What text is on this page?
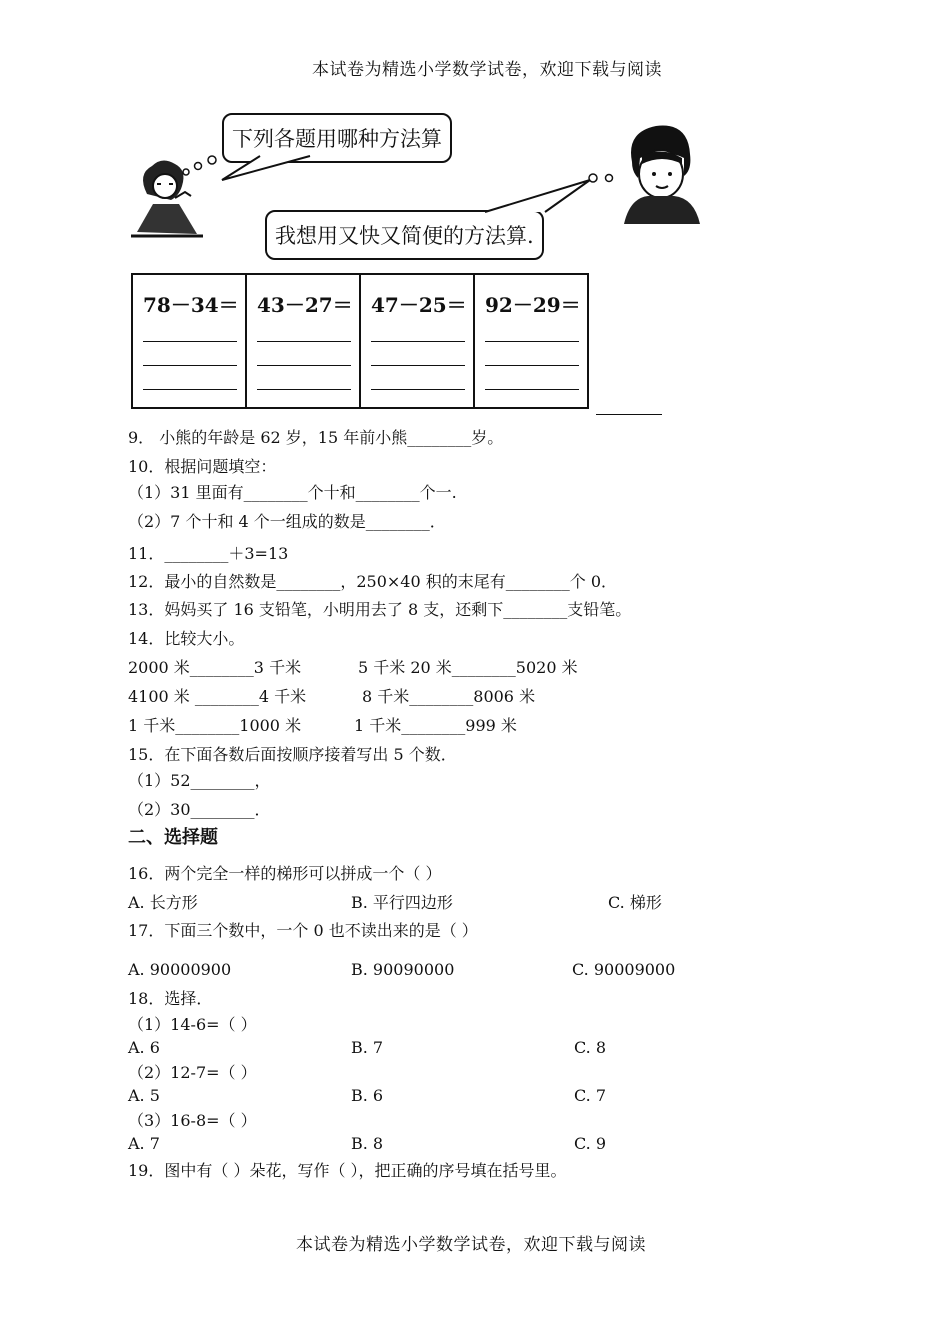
本试卷为精选小学数学试卷，欢迎下载与阅读
下列各题用哪种方法算
我想用又快又简便的方法算.
78－34＝ 43－27＝ 47－25＝ 92－29＝
9． 小熊的年龄是 62 岁，15 年前小熊________岁。
10．根据问题填空：
（1）31 里面有________个十和________个一.
（2）7 个十和 4 个一组成的数是________．
11．________＋3=13
12．最小的自然数是________，250×40 积的末尾有________个 0．
13．妈妈买了 16 支铅笔，小明用去了 8 支，还剩下________支铅笔。
14．比较大小。
2000 米________3 千米	5 千米 20 米________5020 米
4100 米 ________4 千米	8 千米________8006 米
1 千米________1000 米	1 千米________999 米
15．在下面各数后面按顺序接着写出 5 个数．
（1）52________，
（2）30________．
二、选择题
16．两个完全一样的梯形可以拼成一个（ ）
A. 长方形	B. 平行四边形	C. 梯形
17．下面三个数中，一个 0 也不读出来的是（ ）
A. 90000900	B. 90090000	C. 90009000
18．选择．
（1）14-6=（ ）
A. 6	B. 7	C. 8
（2）12-7=（ ）
A. 5	B. 6	C. 7
（3）16-8=（ ）
A. 7	B. 8	C. 9
19．图中有（ ）朵花，写作（ ），把正确的序号填在括号里。
本试卷为精选小学数学试卷，欢迎下载与阅读
